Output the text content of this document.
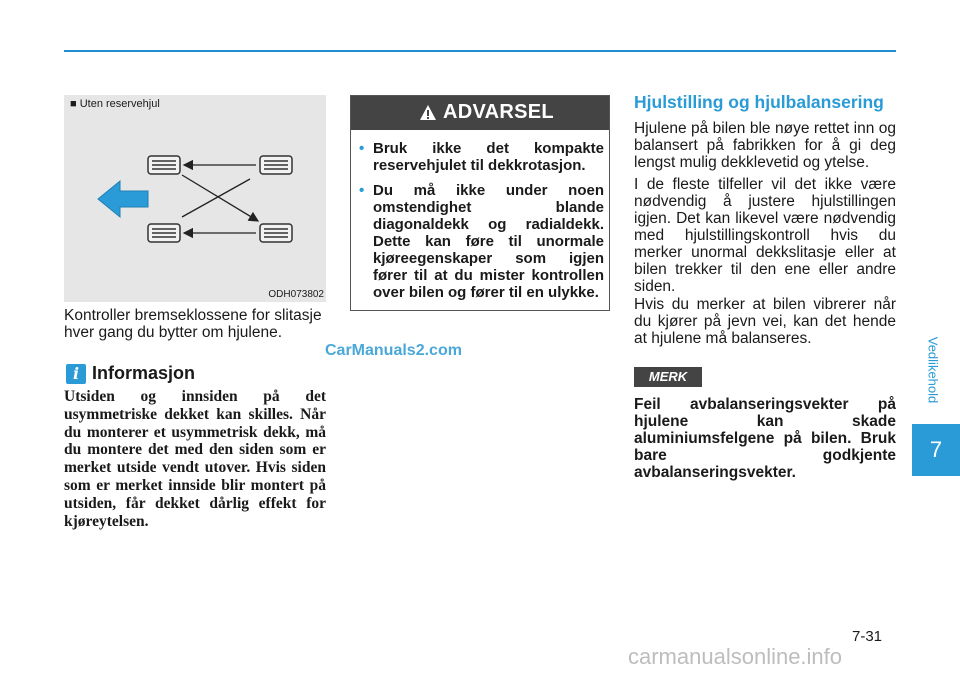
■ Uten reservehjul
ODH073802
Kontroller bremseklossene for slitasje hver gang du bytter om hjulene.
CarManuals2.com
i Informasjon
Utsiden og innsiden på det usymmetriske dekket kan skilles. Når du monterer et usymmetrisk dekk, må du montere det med den siden som er merket utside vendt utover. Hvis siden som er merket innside blir montert på utsiden, får dekket dårlig effekt for kjøreytelsen.
ADVARSEL
• Bruk ikke det kompakte reservehjulet til dekkrotasjon.
• Du må ikke under noen omstendighet blande diagonaldekk og radialdekk. Dette kan føre til unormale kjøreegenskaper som igjen fører til at du mister kontrollen over bilen og fører til en ulykke.
Hjulstilling og hjulbalansering
Hjulene på bilen ble nøye rettet inn og balansert på fabrikken for å gi deg lengst mulig dekklevetid og ytelse.
I de fleste tilfeller vil det ikke være nødvendig å justere hjulstillingen igjen. Det kan likevel være nødvendig med hjulstillingskontroll hvis du merker unormal dekkslitasje eller at bilen trekker til den ene eller andre siden.
Hvis du merker at bilen vibrerer når du kjører på jevn vei, kan det hende at hjulene må balanseres.
MERK
Feil avbalanseringsvekter på hjulene kan skade aluminiumsfelgene på bilen. Bruk bare godkjente avbalanseringsvekter.
Vedlikehold
7
7-31
carmanualsonline.info
